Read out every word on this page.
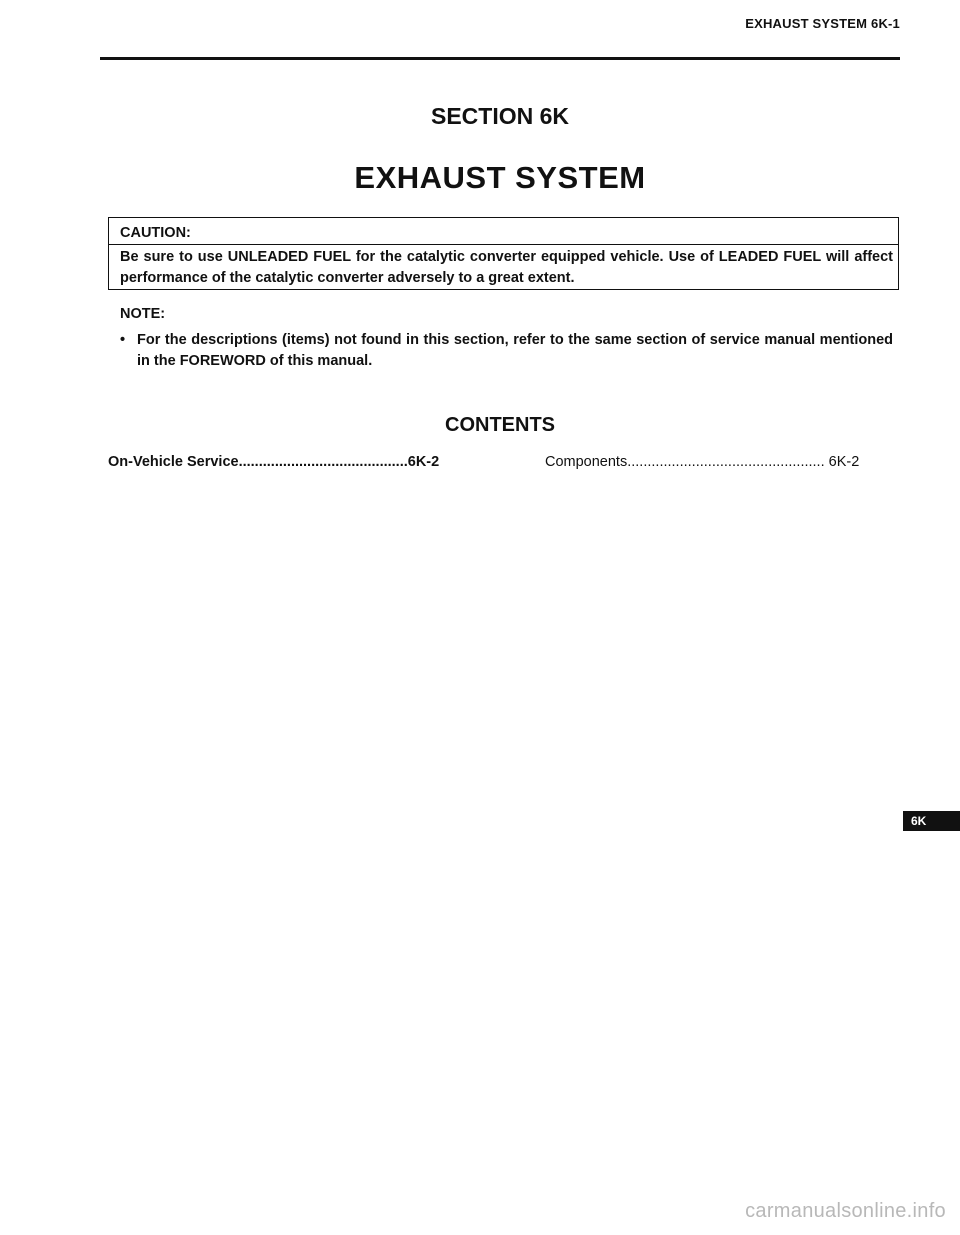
EXHAUST SYSTEM 6K-1
SECTION 6K
EXHAUST SYSTEM
CAUTION:
Be sure to use UNLEADED FUEL for the catalytic converter equipped vehicle. Use of LEADED FUEL will affect performance of the catalytic converter adversely to a great extent.
NOTE:
• For the descriptions (items) not found in this section, refer to the same section of service manual mentioned in the FOREWORD of this manual.
CONTENTS
On-Vehicle Service..........................................6K-2	Components................................................. 6K-2
6K
carmanualsonline.info
